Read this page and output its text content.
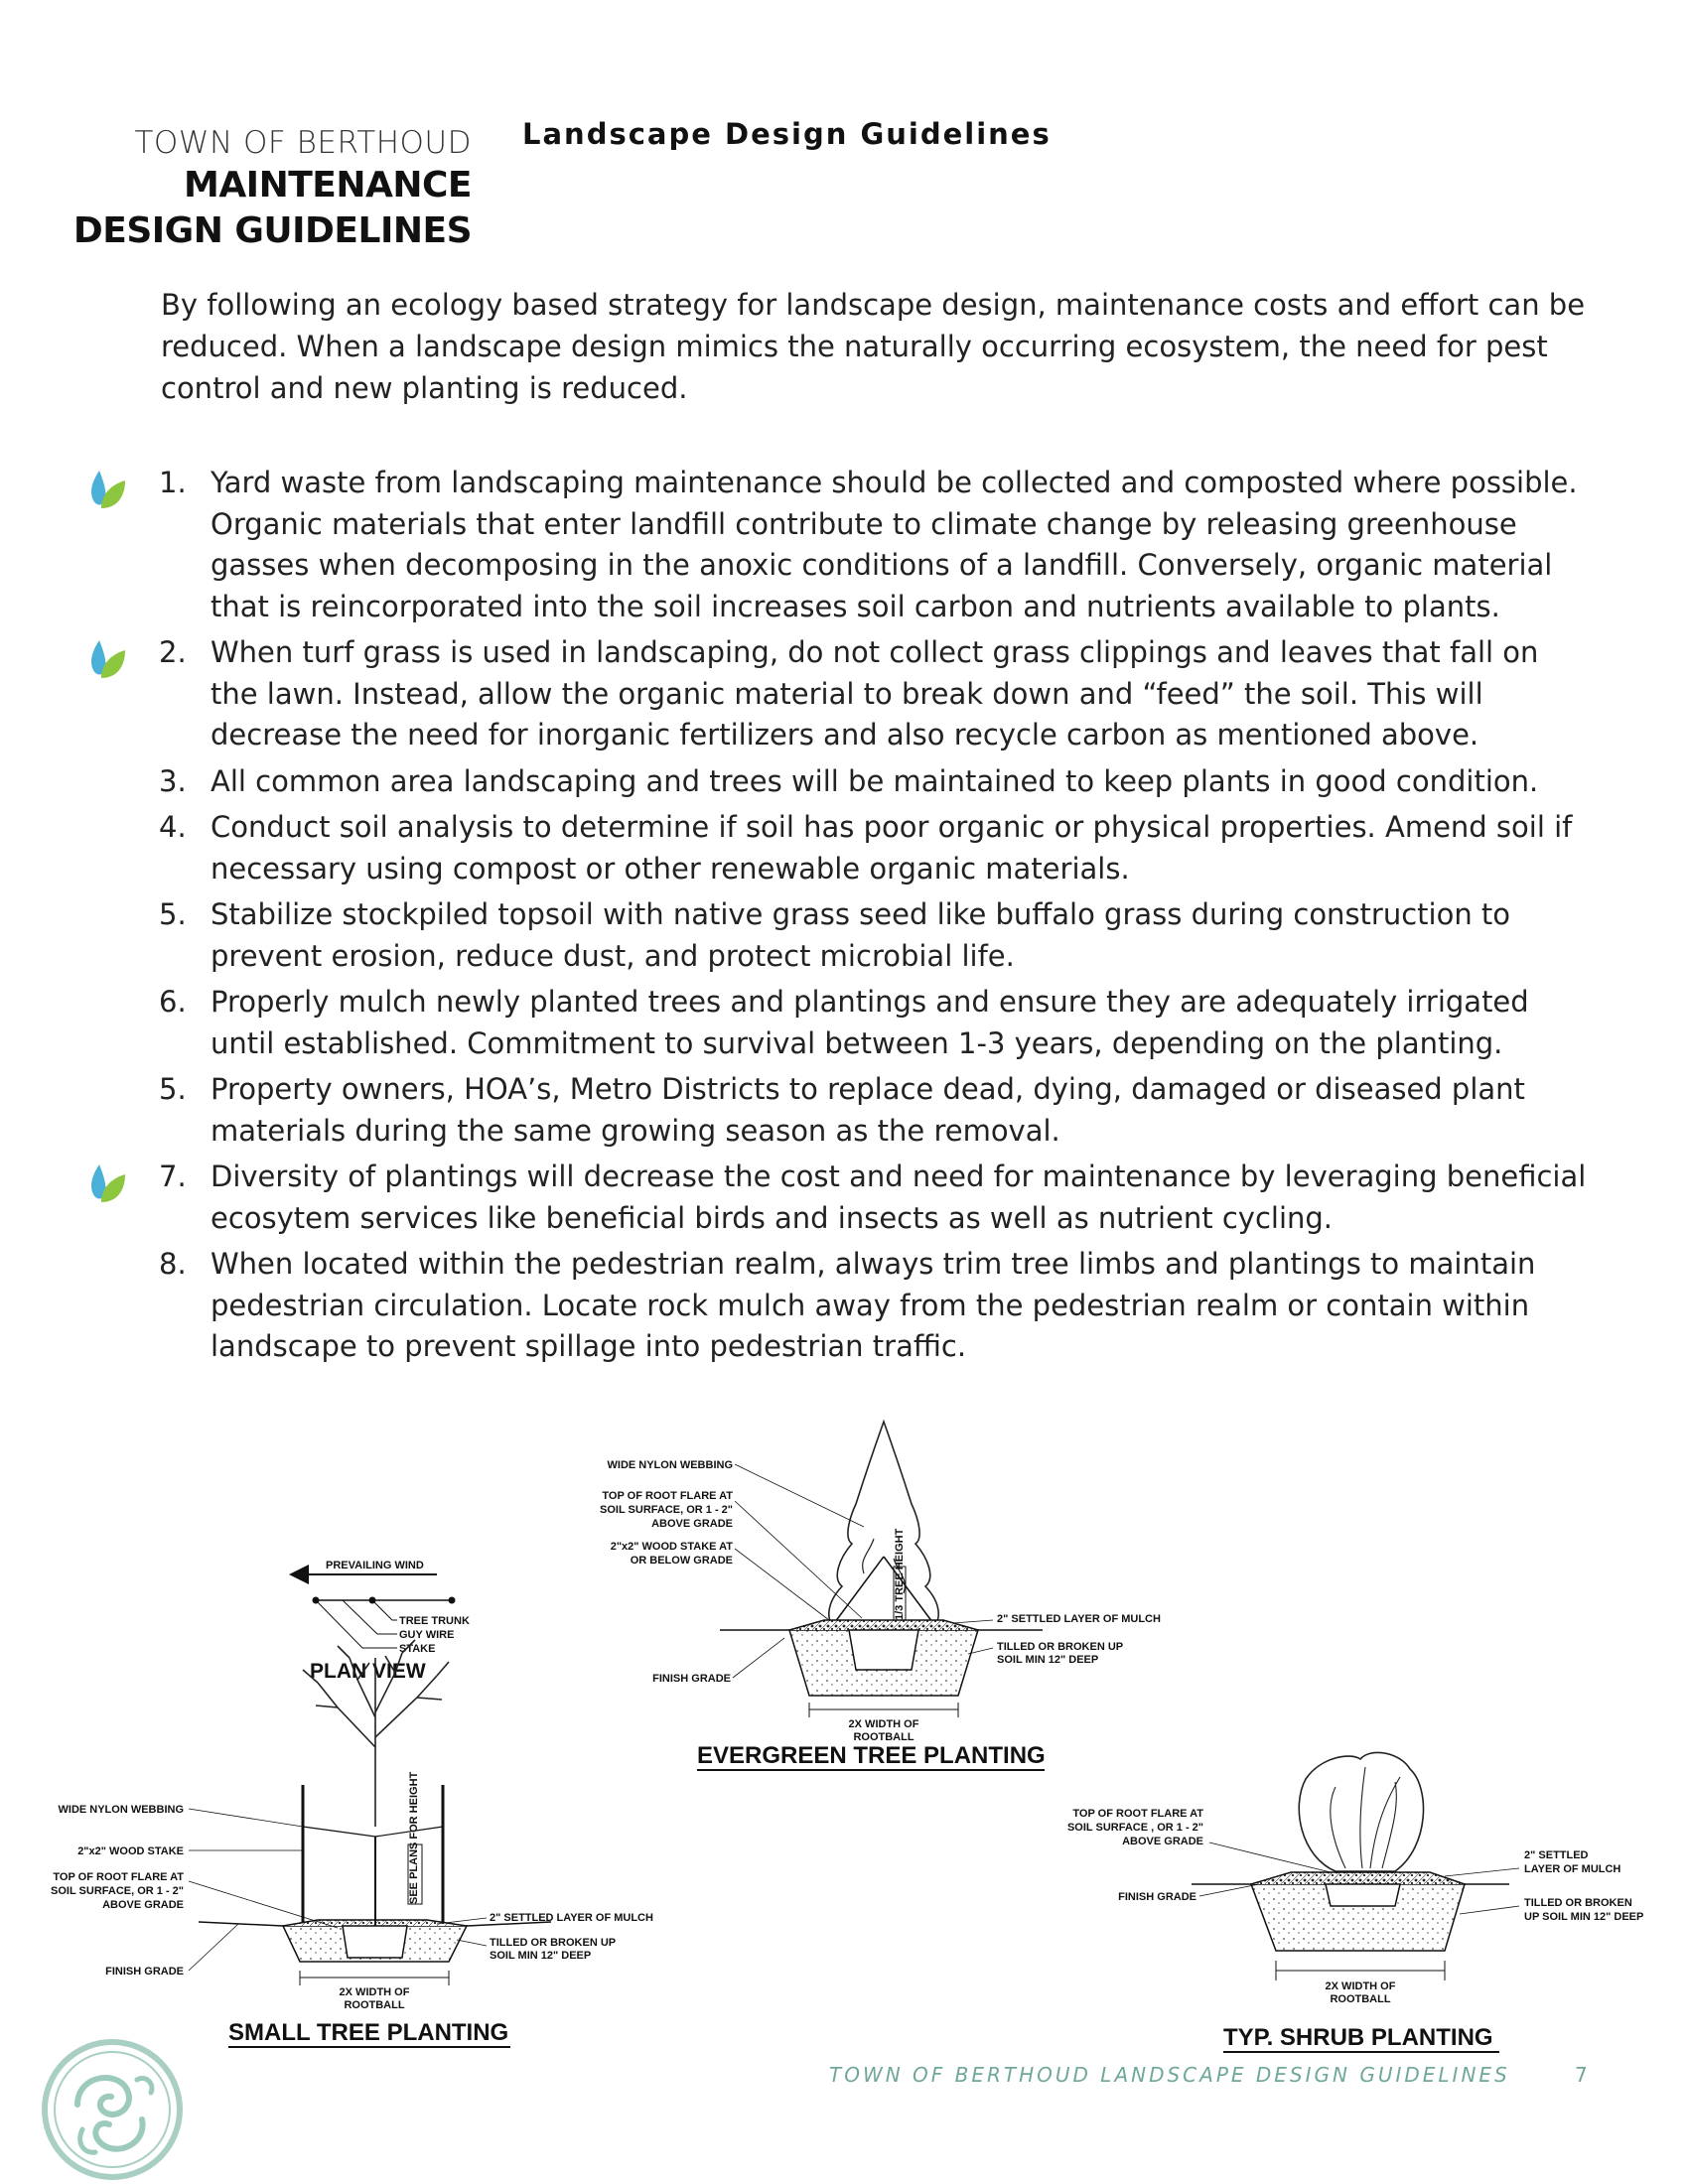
TOWN OF BERTHOUD
MAINTENANCE
DESIGN GUIDELINES
Landscape Design Guidelines
By following an ecology based strategy for landscape design, maintenance costs and effort can be reduced. When a landscape design mimics the naturally occurring ecosystem, the need for pest control and new planting is reduced.
1. Yard waste from landscaping maintenance should be collected and composted where possible. Organic materials that enter landfill contribute to climate change by releasing greenhouse gasses when decomposing in the anoxic conditions of a landfill. Conversely, organic material that is reincorporated into the soil increases soil carbon and nutrients available to plants.
2. When turf grass is used in landscaping, do not collect grass clippings and leaves that fall on the lawn. Instead, allow the organic material to break down and “feed” the soil. This will decrease the need for inorganic fertilizers and also recycle carbon as mentioned above.
3. All common area landscaping and trees will be maintained to keep plants in good condition.
4. Conduct soil analysis to determine if soil has poor organic or physical properties. Amend soil if necessary using compost or other renewable organic materials.
5. Stabilize stockpiled topsoil with native grass seed like buffalo grass during construction to prevent erosion, reduce dust, and protect microbial life.
6. Properly mulch newly planted trees and plantings and ensure they are adequately irrigated until established. Commitment to survival between 1-3 years, depending on the planting.
5. Property owners, HOA’s, Metro Districts to replace dead, dying, damaged or diseased plant materials during the same growing season as the removal.
7. Diversity of plantings will decrease the cost and need for maintenance by leveraging beneficial ecosytem services like beneficial birds and insects as well as nutrient cycling.
8. When located within the pedestrian realm, always trim tree limbs and plantings to maintain pedestrian circulation. Locate rock mulch away from the pedestrian realm or contain within landscape to prevent spillage into pedestrian traffic.
PREVAILING WIND
TREE TRUNK
GUY WIRE
STAKE
PLAN VIEW
SEE PLANS FOR HEIGHT
WIDE NYLON WEBBING
2"x2" WOOD STAKE
TOP OF ROOT FLARE AT
SOIL SURFACE, OR 1 - 2"
ABOVE GRADE
2" SETTLED LAYER OF MULCH
TILLED OR BROKEN UP
SOIL MIN 12" DEEP
FINISH GRADE
2X WIDTH OF
ROOTBALL
SMALL TREE PLANTING
1/3 TREE HEIGHT
WIDE NYLON WEBBING
TOP OF ROOT FLARE AT
SOIL SURFACE, OR 1 - 2"
ABOVE GRADE
2"x2" WOOD STAKE AT
OR BELOW GRADE
2" SETTLED LAYER OF MULCH
TILLED OR BROKEN UP
SOIL MIN 12" DEEP
FINISH GRADE
2X WIDTH OF
ROOTBALL
EVERGREEN TREE PLANTING
TOP OF ROOT FLARE AT
SOIL SURFACE , OR 1 - 2"
ABOVE GRADE
FINISH GRADE
2" SETTLED
LAYER OF MULCH
TILLED OR BROKEN
UP SOIL MIN 12" DEEP
2X WIDTH OF
ROOTBALL
TYP. SHRUB PLANTING
TOWN OF BERTHOUD LANDSCAPE DESIGN GUIDELINES	7
